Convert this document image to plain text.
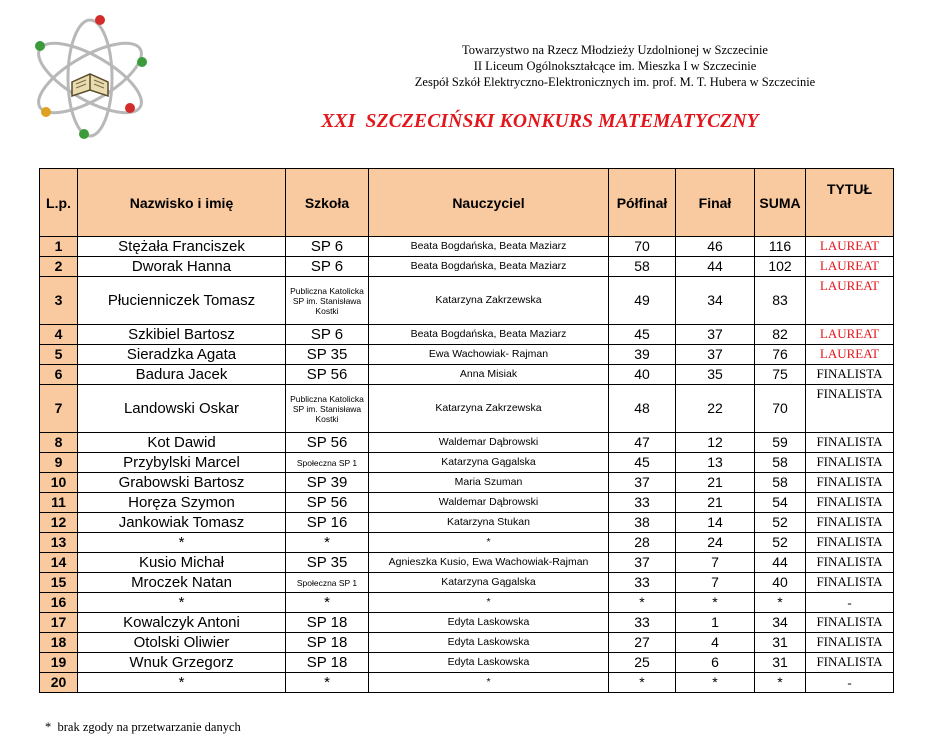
Towarzystwo na Rzecz Młodzieży Uzdolnionej w Szczecinie
II Liceum Ogólnokształcące im. Mieszka I w Szczecinie
Zespół Szkół Elektryczno-Elektronicznych im. prof. M. T. Hubera w Szczecinie
XXI  SZCZECIŃSKI KONKURS MATEMATYCZNY
L.p.	Nazwisko i imię	Szkoła	Nauczyciel	Półfinał	Finał	SUMA	TYTUŁ
1	Stężała Franciszek	SP 6	Beata Bogdańska, Beata Maziarz	70	46	116	LAUREAT
2	Dworak Hanna	SP 6	Beata Bogdańska, Beata Maziarz	58	44	102	LAUREAT
3	Płucienniczek Tomasz	Publiczna Katolicka SP im. Stanisława Kostki	Katarzyna Zakrzewska	49	34	83	LAUREAT
4	Szkibiel Bartosz	SP 6	Beata Bogdańska, Beata Maziarz	45	37	82	LAUREAT
5	Sieradzka Agata	SP 35	Ewa Wachowiak- Rajman	39	37	76	LAUREAT
6	Badura Jacek	SP 56	Anna Misiak	40	35	75	FINALISTA
7	Landowski Oskar	Publiczna Katolicka SP im. Stanisława Kostki	Katarzyna Zakrzewska	48	22	70	FINALISTA
8	Kot Dawid	SP 56	Waldemar Dąbrowski	47	12	59	FINALISTA
9	Przybylski Marcel	Społeczna SP 1	Katarzyna Gągalska	45	13	58	FINALISTA
10	Grabowski Bartosz	SP 39	Maria Szuman	37	21	58	FINALISTA
11	Horęza Szymon	SP 56	Waldemar Dąbrowski	33	21	54	FINALISTA
12	Jankowiak Tomasz	SP 16	Katarzyna Stukan	38	14	52	FINALISTA
13	*	*	*	28	24	52	FINALISTA
14	Kusio Michał	SP 35	Agnieszka Kusio, Ewa Wachowiak-Rajman	37	7	44	FINALISTA
15	Mroczek Natan	Społeczna SP 1	Katarzyna Gągalska	33	7	40	FINALISTA
16	*	*	*	*	*	*	-
17	Kowalczyk Antoni	SP 18	Edyta Laskowska	33	1	34	FINALISTA
18	Otolski Oliwier	SP 18	Edyta Laskowska	27	4	31	FINALISTA
19	Wnuk Grzegorz	SP 18	Edyta Laskowska	25	6	31	FINALISTA
20	*	*	*	*	*	*	-
*  brak zgody na przetwarzanie danych
